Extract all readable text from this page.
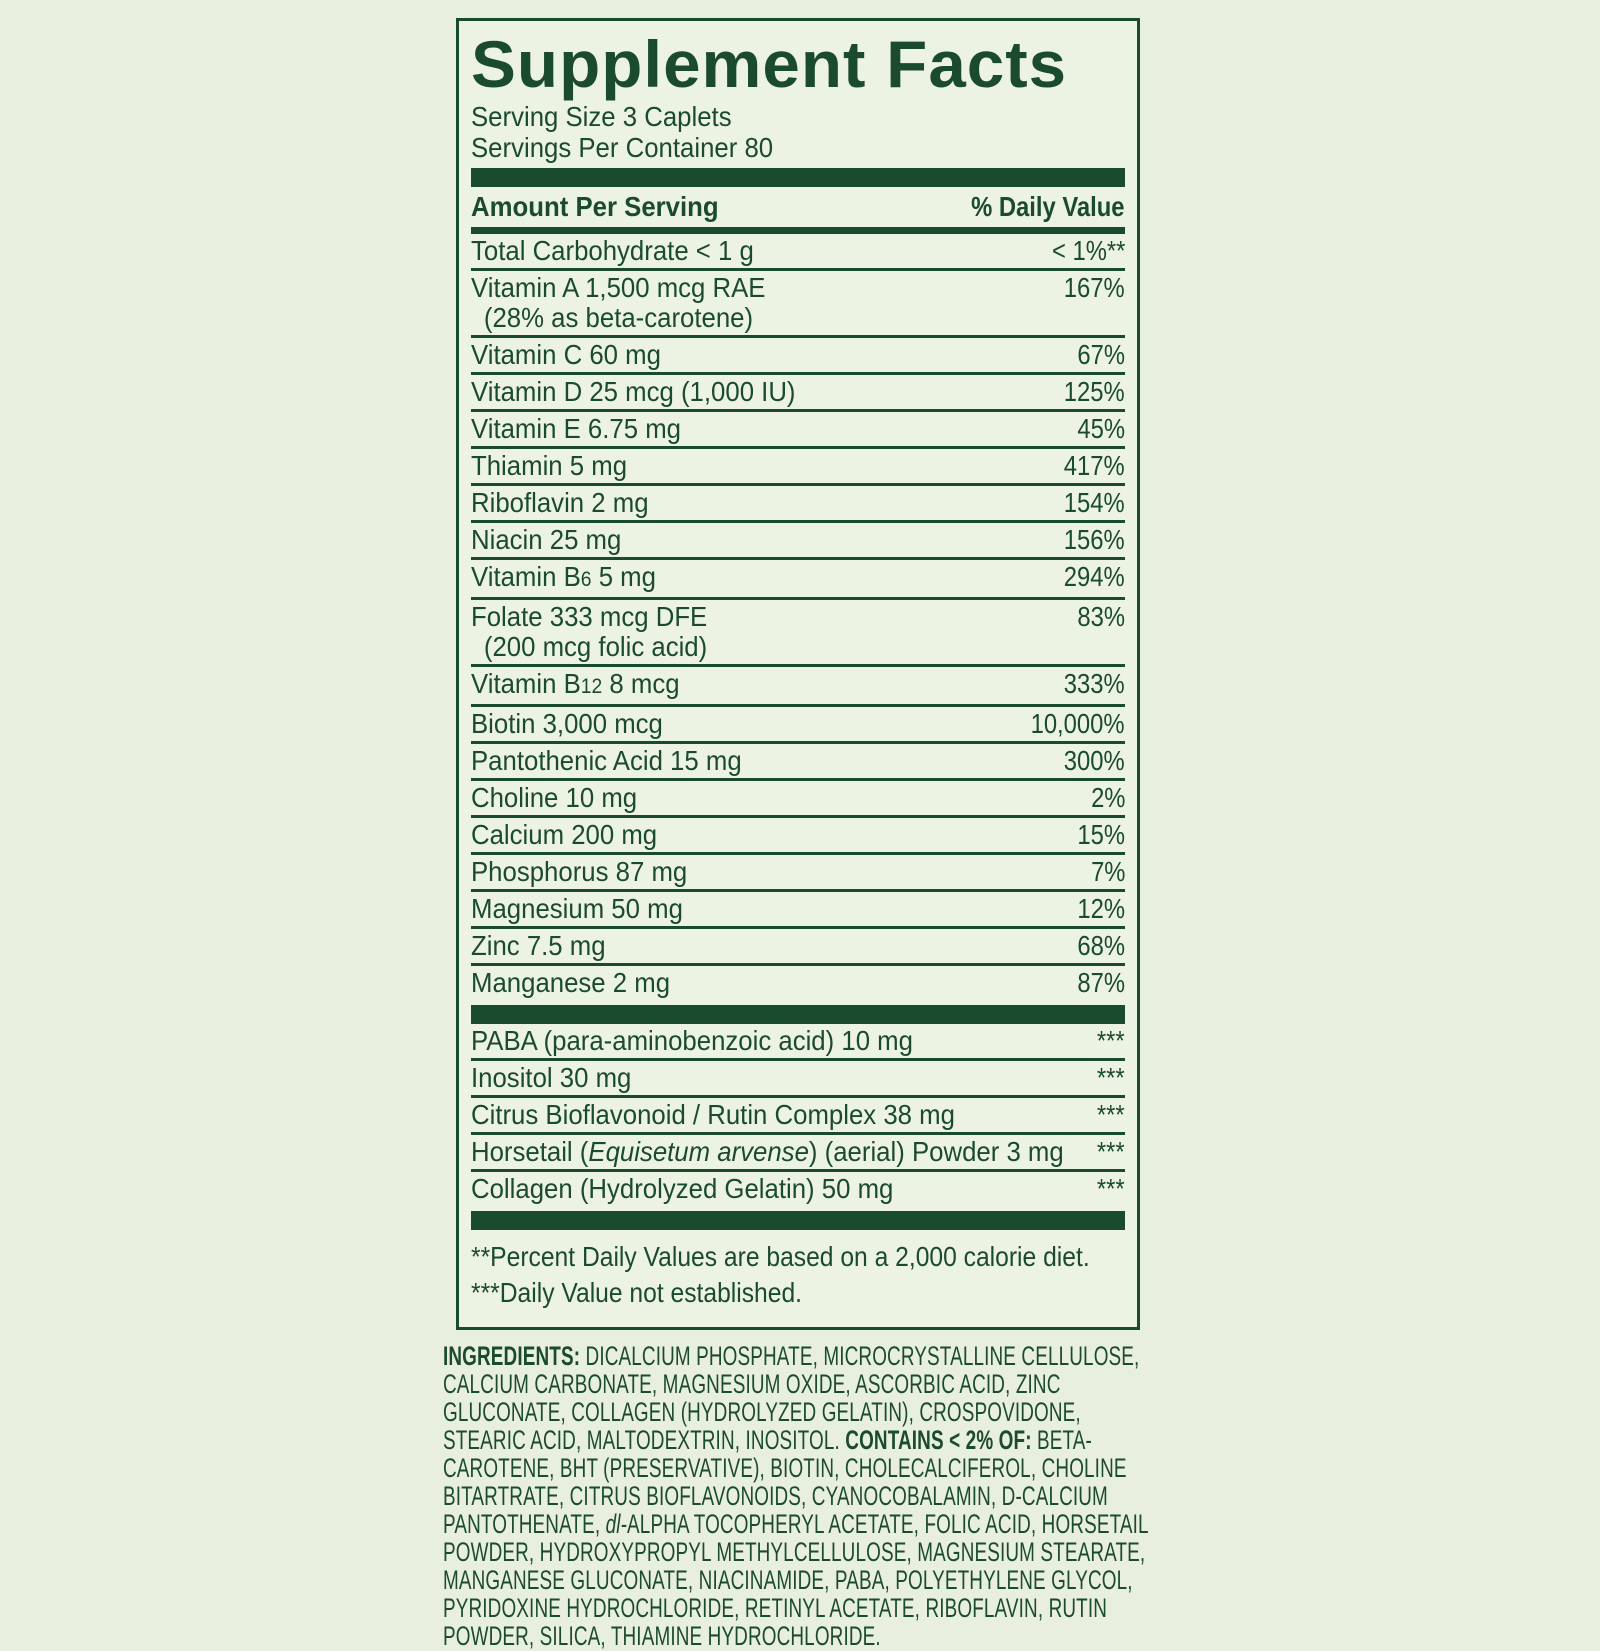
Supplement Facts
Serving Size 3 Caplets
Servings Per Container 80
Amount Per Serving	% Daily Value
Total Carbohydrate < 1 g	< 1%**
Vitamin A 1,500 mcg RAE
(28% as beta-carotene)
167%
Vitamin C 60 mg	67%
Vitamin D 25 mcg (1,000 IU)	125%
Vitamin E 6.75 mg	45%
Thiamin 5 mg	417%
Riboflavin 2 mg	154%
Niacin 25 mg	156%
Vitamin B6 5 mg	294%
Folate 333 mcg DFE
(200 mcg folic acid)
83%
Vitamin B12 8 mcg	333%
Biotin 3,000 mcg	10,000%
Pantothenic Acid 15 mg	300%
Choline 10 mg	2%
Calcium 200 mg	15%
Phosphorus 87 mg	7%
Magnesium 50 mg	12%
Zinc 7.5 mg	68%
Manganese 2 mg	87%
PABA (para-aminobenzoic acid) 10 mg	***
Inositol 30 mg	***
Citrus Bioflavonoid / Rutin Complex 38 mg	***
Horsetail (Equisetum arvense) (aerial) Powder 3 mg	***
Collagen (Hydrolyzed Gelatin) 50 mg	***
**Percent Daily Values are based on a 2,000 calorie diet.
***Daily Value not established.

INGREDIENTS: DICALCIUM PHOSPHATE, MICROCRYSTALLINE CELLULOSE, CALCIUM CARBONATE, MAGNESIUM OXIDE, ASCORBIC ACID, ZINC GLUCONATE, COLLAGEN (HYDROLYZED GELATIN), CROSPOVIDONE, STEARIC ACID, MALTODEXTRIN, INOSITOL. CONTAINS < 2% OF: BETA-CAROTENE, BHT (PRESERVATIVE), BIOTIN, CHOLECALCIFEROL, CHOLINE BITARTRATE, CITRUS BIOFLAVONOIDS, CYANOCOBALAMIN, D-CALCIUM PANTOTHENATE, dl-ALPHA TOCOPHERYL ACETATE, FOLIC ACID, HORSETAIL POWDER, HYDROXYPROPYL METHYLCELLULOSE, MAGNESIUM STEARATE, MANGANESE GLUCONATE, NIACINAMIDE, PABA, POLYETHYLENE GLYCOL, PYRIDOXINE HYDROCHLORIDE, RETINYL ACETATE, RIBOFLAVIN, RUTIN POWDER, SILICA, THIAMINE HYDROCHLORIDE.
